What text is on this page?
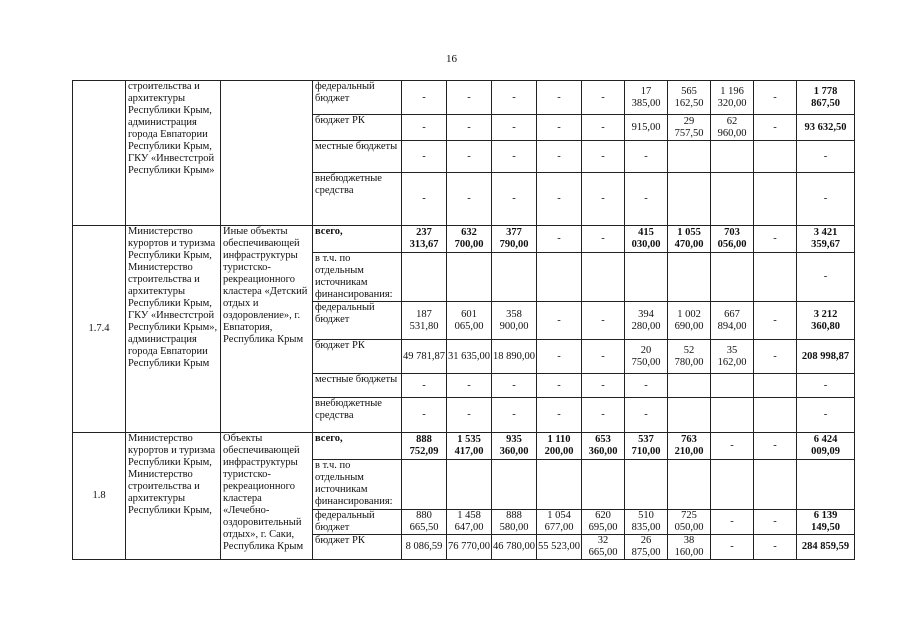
16
	строительства и архитектуры Республики Крым, администрация города Евпатории Республики Крым, ГКУ «Инвестстрой Республики Крым»		федеральный бюджет	-	-	-	-	-	17 385,00	565 162,50	1 196 320,00	-	1 778 867,50
			бюджет РК	-	-	-	-	-	915,00	29 757,50	62 960,00	-	93 632,50
			местные бюджеты	-	-	-	-	-	-				-
			внебюджетные средства	-	-	-	-	-	-				-
1.7.4	Министерство курортов и туризма Республики Крым, Министерство строительства и архитектуры Республики Крым, ГКУ «Инвестстрой Республики Крым», администрация города Евпатории Республики Крым	Иные объекты обеспечивающей инфраструктуры туристско-рекреационного кластера «Детский отдых и оздоровление», г. Евпатория, Республика Крым	всего,	237 313,67	632 700,00	377 790,00	-	-	415 030,00	1 055 470,00	703 056,00	-	3 421 359,67
			в т.ч. по отдельным источникам финансирования:										-
			федеральный бюджет	187 531,80	601 065,00	358 900,00	-	-	394 280,00	1 002 690,00	667 894,00	-	3 212 360,80
			бюджет РК	49 781,87	31 635,00	18 890,00	-	-	20 750,00	52 780,00	35 162,00	-	208 998,87
			местные бюджеты	-	-	-	-	-	-				-
			внебюджетные средства	-	-	-	-	-	-				-
1.8	Министерство курортов и туризма Республики Крым, Министерство строительства и архитектуры Республики Крым,	Объекты обеспечивающей инфраструктуры туристско-рекреационного кластера «Лечебно-оздоровительный отдых», г. Саки, Республика Крым	всего,	888 752,09	1 535 417,00	935 360,00	1 110 200,00	653 360,00	537 710,00	763 210,00	-	-	6 424 009,09
			в т.ч. по отдельным источникам финансирования:										
			федеральный бюджет	880 665,50	1 458 647,00	888 580,00	1 054 677,00	620 695,00	510 835,00	725 050,00	-	-	6 139 149,50
			бюджет РК	8 086,59	76 770,00	46 780,00	55 523,00	32 665,00	26 875,00	38 160,00	-	-	284 859,59
